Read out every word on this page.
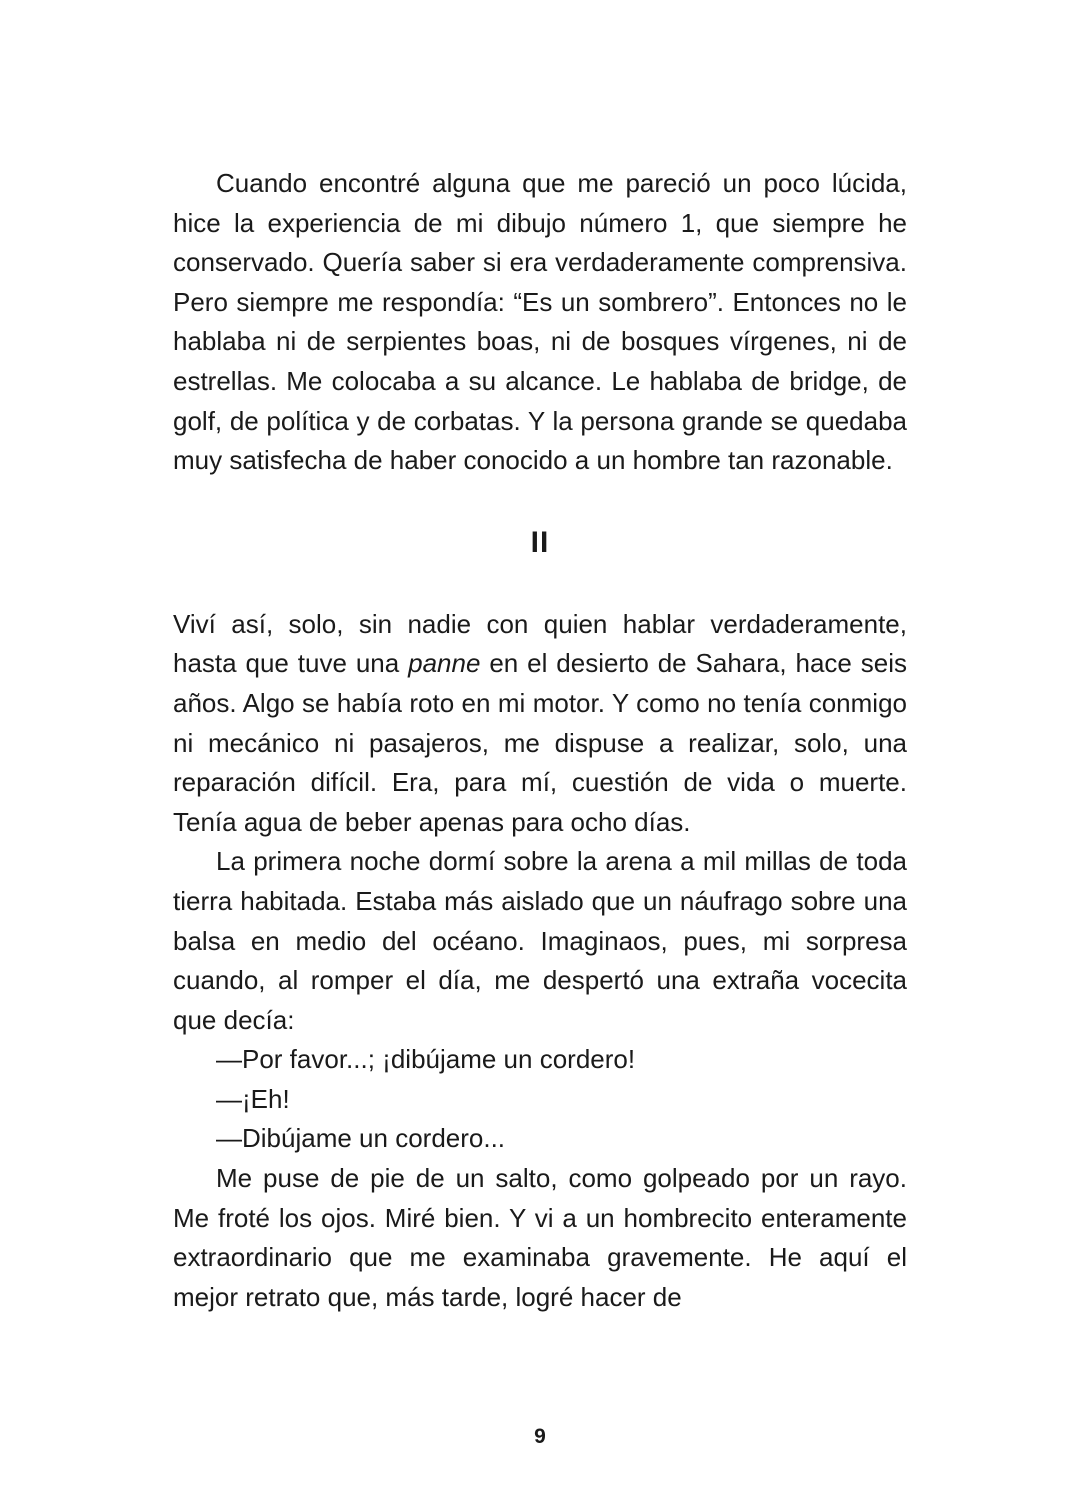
Cuando encontré alguna que me pareció un poco lúcida, hice la experiencia de mi dibujo número 1, que siempre he conservado. Quería saber si era verdaderamente comprensiva. Pero siempre me respondía: “Es un sombrero”. Entonces no le hablaba ni de serpientes boas, ni de bosques vírgenes, ni de estrellas. Me colocaba a su alcance. Le hablaba de bridge, de golf, de política y de corbatas. Y la persona grande se quedaba muy satisfecha de haber conocido a un hombre tan razonable.

II

Viví así, solo, sin nadie con quien hablar verdaderamente, hasta que tuve una panne en el desierto de Sahara, hace seis años. Algo se había roto en mi motor. Y como no tenía conmigo ni mecánico ni pasajeros, me dispuse a realizar, solo, una reparación difícil. Era, para mí, cuestión de vida o muerte. Tenía agua de beber apenas para ocho días.

La primera noche dormí sobre la arena a mil millas de toda tierra habitada. Estaba más aislado que un náufrago sobre una balsa en medio del océano. Imaginaos, pues, mi sorpresa cuando, al romper el día, me despertó una extraña vocecita que decía:

—Por favor...; ¡dibújame un cordero!

—¡Eh!

—Dibújame un cordero...

Me puse de pie de un salto, como golpeado por un rayo. Me froté los ojos. Miré bien. Y vi a un hombrecito enteramente extraordinario que me examinaba gravemente. He aquí el mejor retrato que, más tarde, logré hacer de

9
